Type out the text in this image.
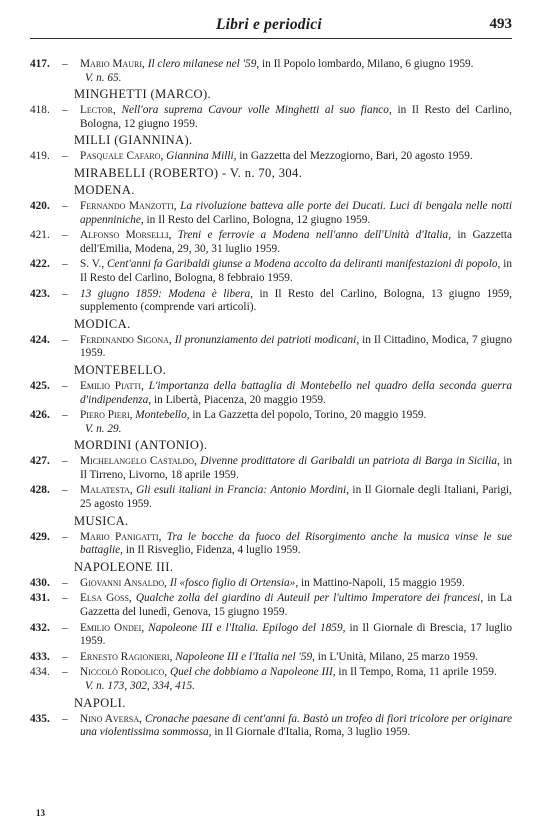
Libri e periodici	493
417.	– Mario Mauri, Il clero milanese nel '59, in Il Popolo lombardo, Milano, 6 giugno 1959.
V. n. 65.
MINGHETTI (MARCO).
418.	– Lector, Nell'ora suprema Cavour volle Minghetti al suo fianco, in Il Resto del Carlino, Bologna, 12 giugno 1959.
MILLI (GIANNINA).
419.	– Pasquale Cafaro, Giannina Milli, in Gazzetta del Mezzogiorno, Bari, 20 agosto 1959.
MIRABELLI (ROBERTO) - V. n. 70, 304.
MODENA.
420.	– Fernando Manzotti, La rivoluzione batteva alle porte dei Ducati. Luci di bengala nelle notti appenniniche, in Il Resto del Carlino, Bologna, 12 giugno 1959.
421.	– Alfonso Morselli, Treni e ferrovie a Modena nell'anno dell'Unità d'Italia, in Gazzetta dell'Emilia, Modena, 29, 30, 31 luglio 1959.
422.	– S. V., Cent'anni fa Garibaldi giunse a Modena accolto da deliranti manifestazioni di popolo, in Il Resto del Carlino, Bologna, 8 febbraio 1959.
423.	– 13 giugno 1859: Modena è libera, in Il Resto del Carlino, Bologna, 13 giugno 1959, supplemento (comprende vari articoli).
MODICA.
424.	– Ferdinando Sigona, Il pronunziamento dei patrioti modicani, in Il Cittadino, Modica, 7 giugno 1959.
MONTEBELLO.
425.	– Emilio Piatti, L'importanza della battaglia di Montebello nel quadro della seconda guerra d'indipendenza, in Libertà, Piacenza, 20 maggio 1959.
426.	– Piero Pieri, Montebello, in La Gazzetta del popolo, Torino, 20 maggio 1959.
V. n. 29.
MORDINI (ANTONIO).
427.	– Michelangelo Castaldo, Divenne prodittatore di Garibaldi un patriota di Barga in Sicilia, in Il Tirreno, Livorno, 18 aprile 1959.
428.	– Malatesta, Gli esuli italiani in Francia: Antonio Mordini, in Il Giornale degli Italiani, Parigi, 25 agosto 1959.
MUSICA.
429.	– Mario Panigatti, Tra le bocche da fuoco del Risorgimento anche la musica vinse le sue battaglie, in Il Risveglio, Fidenza, 4 luglio 1959.
NAPOLEONE III.
430.	– Giovanni Ansaldo, Il «fosco figlio di Ortensia», in Mattino-Napoli, 15 maggio 1959.
431.	– Elsa Goss, Qualche zolla del giardino di Auteuil per l'ultimo Imperatore dei francesi, in La Gazzetta del lunedì, Genova, 15 giugno 1959.
432.	– Emilio Ondei, Napoleone III e l'Italia. Epilogo del 1859, in Il Giornale di Brescia, 17 luglio 1959.
433.	– Ernesto Ragionieri, Napoleone III e l'Italia nel '59, in L'Unità, Milano, 25 marzo 1959.
434.	– Niccolò Rodolico, Quel che dobbiamo a Napoleone III, in Il Tempo, Roma, 11 aprile 1959.
V. n. 173, 302, 334, 415.
NAPOLI.
435.	– Nino Aversa, Cronache paesane di cent'anni fa. Bastò un trofeo di fiori tricolore per originare una violentissima sommossa, in Il Giornale d'Italia, Roma, 3 luglio 1959.
13
